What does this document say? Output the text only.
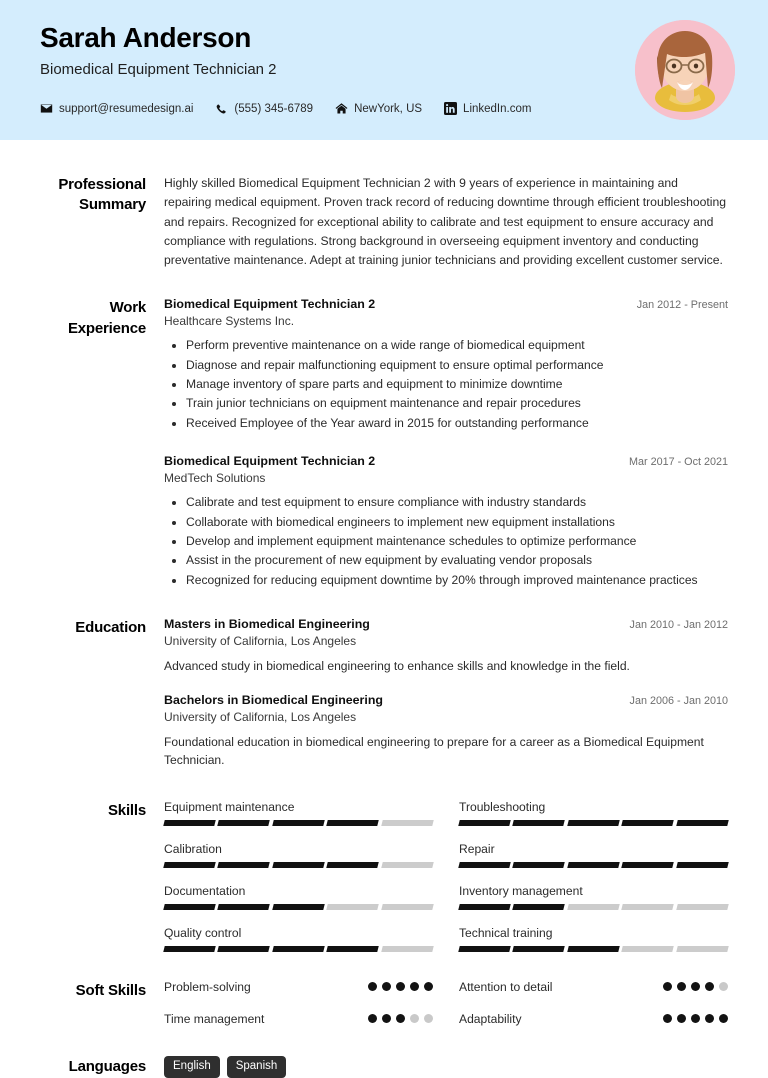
Sarah Anderson
Biomedical Equipment Technician 2
support@resumedesign.ai	(555) 345-6789	NewYork, US	LinkedIn.com
Professional Summary
Highly skilled Biomedical Equipment Technician 2 with 9 years of experience in maintaining and repairing medical equipment. Proven track record of reducing downtime through efficient troubleshooting and repairs. Recognized for exceptional ability to calibrate and test equipment to ensure accuracy and compliance with regulations. Strong background in overseeing equipment inventory and conducting preventative maintenance. Adept at training junior technicians and providing excellent customer service.
Work Experience
Biomedical Equipment Technician 2	Jan 2012 - Present
Healthcare Systems Inc.
• Perform preventive maintenance on a wide range of biomedical equipment
• Diagnose and repair malfunctioning equipment to ensure optimal performance
• Manage inventory of spare parts and equipment to minimize downtime
• Train junior technicians on equipment maintenance and repair procedures
• Received Employee of the Year award in 2015 for outstanding performance
Biomedical Equipment Technician 2	Mar 2017 - Oct 2021
MedTech Solutions
• Calibrate and test equipment to ensure compliance with industry standards
• Collaborate with biomedical engineers to implement new equipment installations
• Develop and implement equipment maintenance schedules to optimize performance
• Assist in the procurement of new equipment by evaluating vendor proposals
• Recognized for reducing equipment downtime by 20% through improved maintenance practices
Education	Masters in Biomedical Engineering	Jan 2010 - Jan 2012
University of California, Los Angeles
Advanced study in biomedical engineering to enhance skills and knowledge in the field.
Bachelors in Biomedical Engineering	Jan 2006 - Jan 2010
University of California, Los Angeles
Foundational education in biomedical engineering to prepare for a career as a Biomedical Equipment Technician.
Skills	Equipment maintenance	Troubleshooting
Calibration	Repair
Documentation	Inventory management
Quality control	Technical training
Soft Skills	Problem-solving	Attention to detail
Time management	Adaptability
Languages	English	Spanish
